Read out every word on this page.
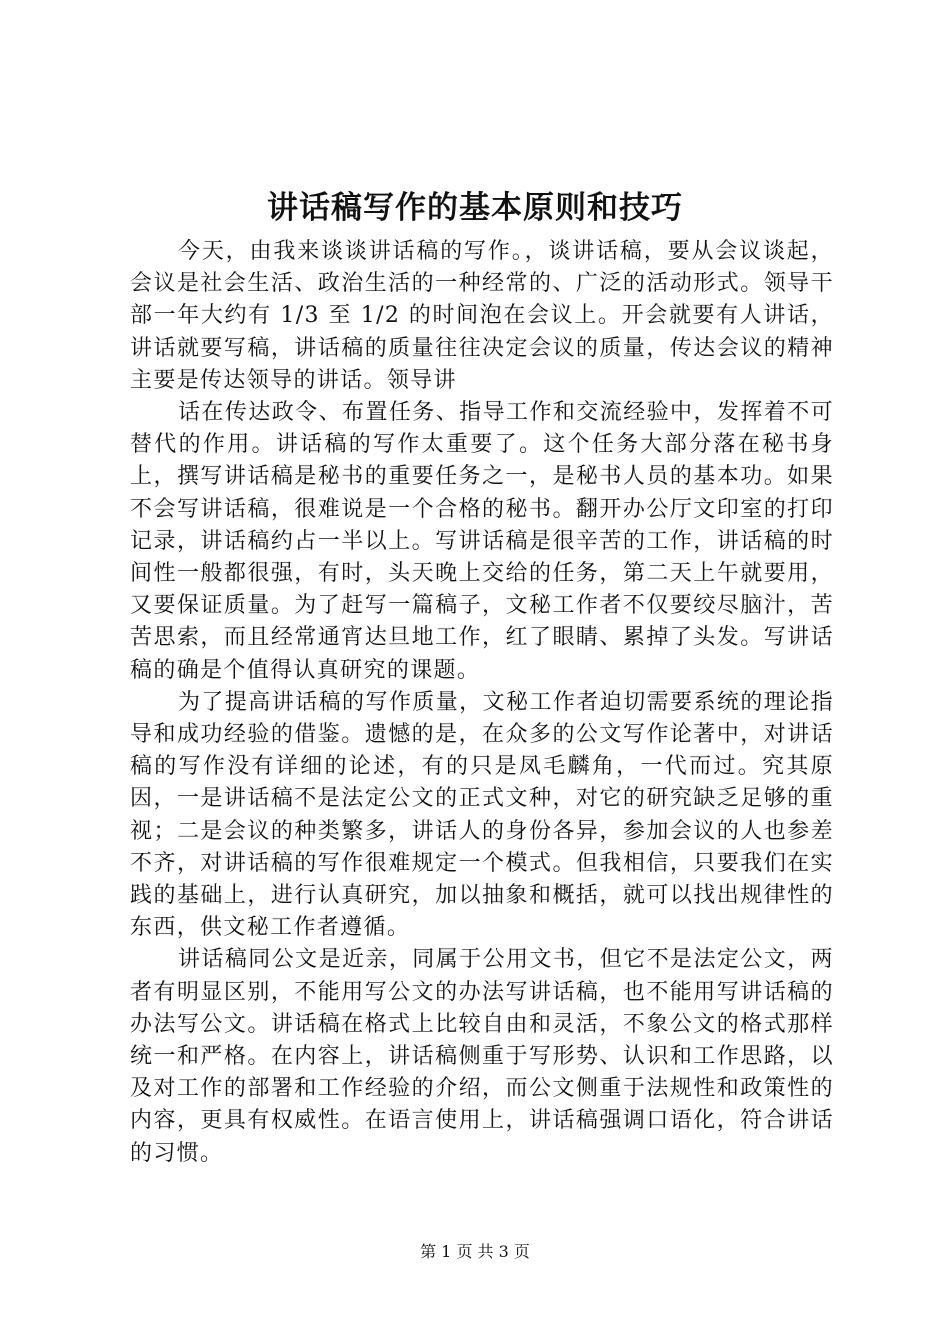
讲话稿写作的基本原则和技巧

今天，由我来谈谈讲话稿的写作。，谈讲话稿，要从会议谈起，会议是社会生活、政治生活的一种经常的、广泛的活动形式。领导干部一年大约有 1/3 至 1/2 的时间泡在会议上。开会就要有人讲话，讲话就要写稿，讲话稿的质量往往决定会议的质量，传达会议的精神主要是传达领导的讲话。领导讲

话在传达政令、布置任务、指导工作和交流经验中，发挥着不可替代的作用。讲话稿的写作太重要了。这个任务大部分落在秘书身上，撰写讲话稿是秘书的重要任务之一，是秘书人员的基本功。如果不会写讲话稿，很难说是一个合格的秘书。翻开办公厅文印室的打印记录，讲话稿约占一半以上。写讲话稿是很辛苦的工作，讲话稿的时间性一般都很强，有时，头天晚上交给的任务，第二天上午就要用，又要保证质量。为了赶写一篇稿子，文秘工作者不仅要绞尽脑汁，苦苦思索，而且经常通宵达旦地工作，红了眼睛、累掉了头发。写讲话稿的确是个值得认真研究的课题。

为了提高讲话稿的写作质量，文秘工作者迫切需要系统的理论指导和成功经验的借鉴。遗憾的是，在众多的公文写作论著中，对讲话稿的写作没有详细的论述，有的只是凤毛麟角，一代而过。究其原因，一是讲话稿不是法定公文的正式文种，对它的研究缺乏足够的重视；二是会议的种类繁多，讲话人的身份各异，参加会议的人也参差不齐，对讲话稿的写作很难规定一个模式。但我相信，只要我们在实践的基础上，进行认真研究，加以抽象和概括，就可以找出规律性的东西，供文秘工作者遵循。

讲话稿同公文是近亲，同属于公用文书，但它不是法定公文，两者有明显区别，不能用写公文的办法写讲话稿，也不能用写讲话稿的办法写公文。讲话稿在格式上比较自由和灵活，不象公文的格式那样统一和严格。在内容上，讲话稿侧重于写形势、认识和工作思路，以及对工作的部署和工作经验的介绍，而公文侧重于法规性和政策性的内容，更具有权威性。在语言使用上，讲话稿强调口语化，符合讲话的习惯。

第 1 页 共 3 页
